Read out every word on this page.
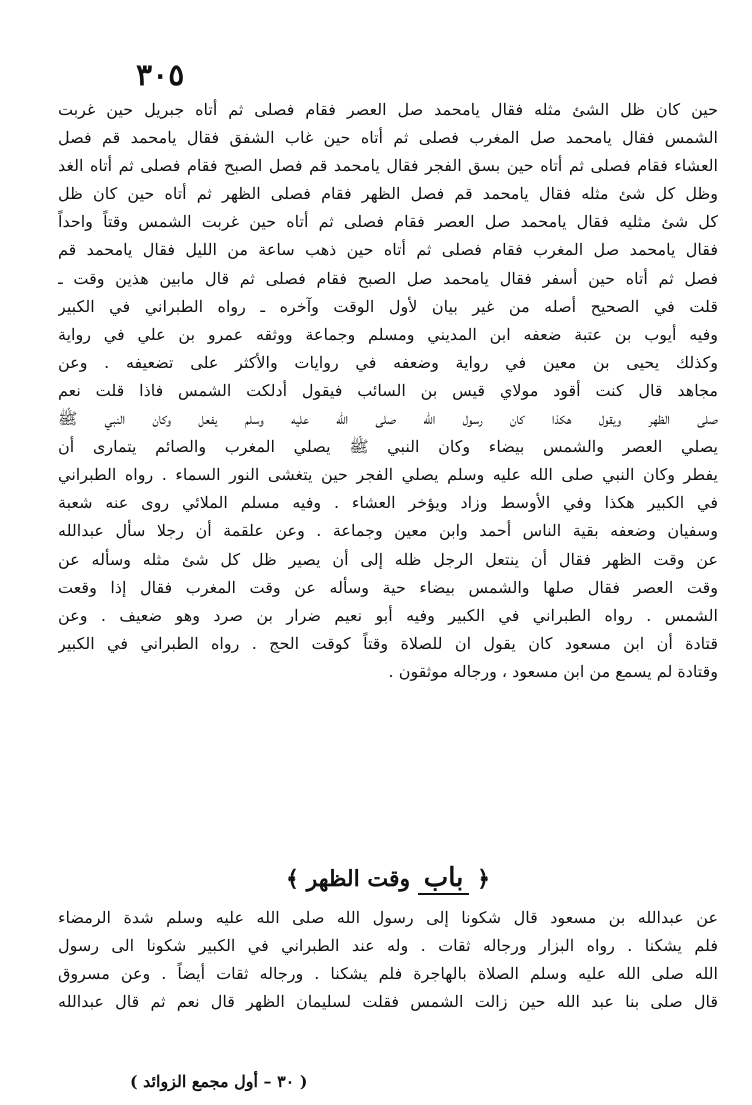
٣٠٥
حين كان ظل الشئ مثله فقال يامحمد صل العصر فقام فصلى ثم أتاه جبريل حين غربت
الشمس فقال يامحمد صل المغرب فصلى ثم أتاه حين غاب الشفق فقال يامحمد قم فصل
العشاء فقام فصلى ثم أتاه حين بسق الفجر فقال يامحمد قم فصل الصبح فقام فصلى ثم أتاه الغد
وظل كل شئ مثله فقال يامحمد قم فصل الظهر فقام فصلى الظهر ثم أتاه حين كان ظل
كل شئ مثليه فقال يامحمد صل العصر فقام فصلى ثم أتاه حين غربت الشمس وقتاً واحداً
فقال يامحمد صل المغرب فقام فصلى ثم أتاه حين ذهب ساعة من الليل فقال يامحمد قم
فصل ثم أتاه حين أسفر فقال يامحمد صل الصبح فقام فصلى ثم قال مابين هذين وقت ـ
قلت في الصحيح أصله من غير بيان لأول الوقت وآخره ـ رواه الطبراني في الكبير
وفيه أيوب بن عتبة ضعفه ابن المديني ومسلم وجماعة ووثقه عمرو بن علي في رواية
وكذلك يحيى بن معين في رواية وضعفه في روايات والأكثر على تضعيفه . وعن
مجاهد قال كنت أقود مولاي قيس بن السائب فيقول أدلكت الشمس فاذا قلت نعم
صلى الظهر ويقول هكذا كان رسول الله صلى الله عليه وسلم يفعل وكان النبي ﷺ
يصلي العصر والشمس بيضاء وكان النبي ﷺ يصلي المغرب والصائم يتمارى أن
يفطر وكان النبي صلى الله عليه وسلم يصلي الفجر حين يتغشى النور السماء . رواه الطبراني
في الكبير هكذا وفي الأوسط وزاد ويؤخر العشاء . وفيه مسلم الملائي روى عنه شعبة
وسفيان وضعفه بقية الناس أحمد وابن معين وجماعة . وعن علقمة أن رجلا سأل عبدالله
عن وقت الظهر فقال أن ينتعل الرجل ظله إلى أن يصير ظل كل شئ مثله وسأله عن
وقت العصر فقال صلها والشمس بيضاء حية وسأله عن وقت المغرب فقال إذا وقعت
الشمس . رواه الطبراني في الكبير وفيه أبو نعيم ضرار بن صرد وهو ضعيف . وعن
قتادة أن ابن مسعود كان يقول ان للصلاة وقتاً كوقت الحج . رواه الطبراني في الكبير
وقتادة لم يسمع من ابن مسعود ، ورجاله موثقون .
﴿ باب وقت الظهر ﴾
عن عبدالله بن مسعود قال شكونا إلى رسول الله صلى الله عليه وسلم شدة الرمضاء
فلم يشكنا . رواه البزار ورجاله ثقات . وله عند الطبراني في الكبير شكونا الى رسول
الله صلى الله عليه وسلم الصلاة بالهاجرة فلم يشكنا . ورجاله ثقات أيضاً . وعن مسروق
قال صلى بنا عبد الله حين زالت الشمس فقلت لسليمان الظهر قال نعم ثم قال عبدالله
( ٣٠ – أول مجمع الزوائد )
